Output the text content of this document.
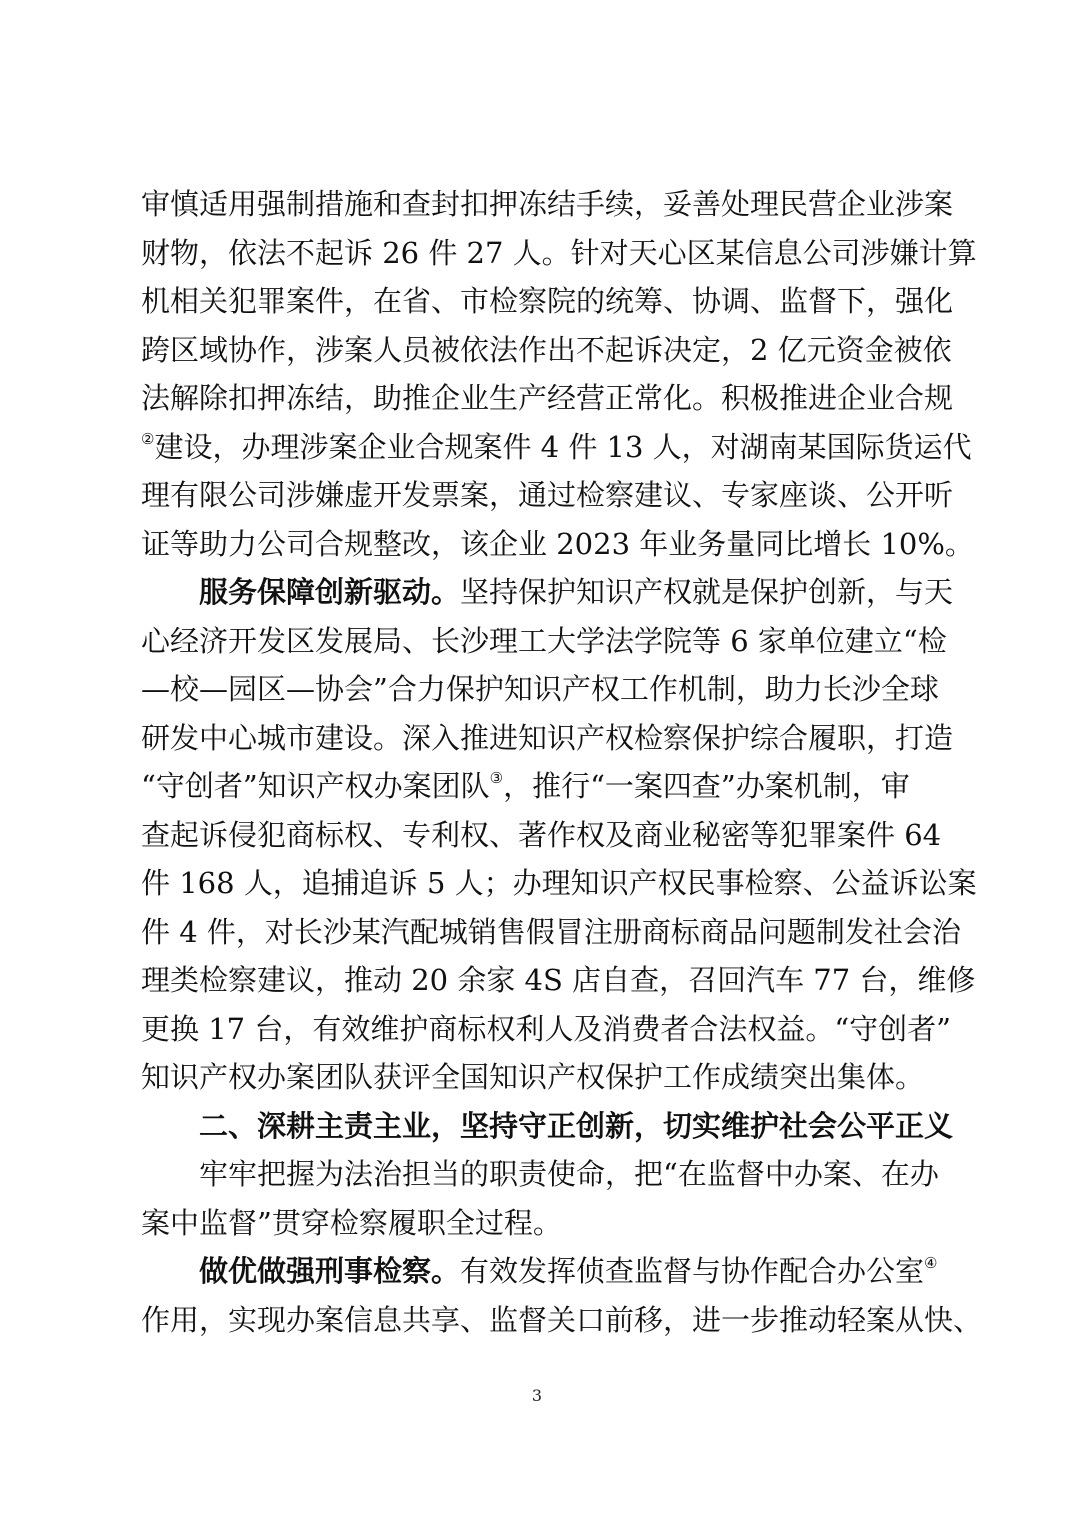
审慎适用强制措施和查封扣押冻结手续，妥善处理民营企业涉案
财物，依法不起诉 26 件 27 人。针对天心区某信息公司涉嫌计算
机相关犯罪案件，在省、市检察院的统筹、协调、监督下，强化
跨区域协作，涉案人员被依法作出不起诉决定，2 亿元资金被依
法解除扣押冻结，助推企业生产经营正常化。积极推进企业合规
②建设，办理涉案企业合规案件 4 件 13 人，对湖南某国际货运代
理有限公司涉嫌虚开发票案，通过检察建议、专家座谈、公开听
证等助力公司合规整改，该企业 2023 年业务量同比增长 10%。
服务保障创新驱动。坚持保护知识产权就是保护创新，与天
心经济开发区发展局、长沙理工大学法学院等 6 家单位建立“检
—校—园区—协会”合力保护知识产权工作机制，助力长沙全球
研发中心城市建设。深入推进知识产权检察保护综合履职，打造
“守创者”知识产权办案团队③，推行“一案四查”办案机制，审
查起诉侵犯商标权、专利权、著作权及商业秘密等犯罪案件 64
件 168 人，追捕追诉 5 人；办理知识产权民事检察、公益诉讼案
件 4 件，对长沙某汽配城销售假冒注册商标商品问题制发社会治
理类检察建议，推动 20 余家 4S 店自查，召回汽车 77 台，维修
更换 17 台，有效维护商标权利人及消费者合法权益。“守创者”
知识产权办案团队获评全国知识产权保护工作成绩突出集体。
二、深耕主责主业，坚持守正创新，切实维护社会公平正义
牢牢把握为法治担当的职责使命，把“在监督中办案、在办
案中监督”贯穿检察履职全过程。
做优做强刑事检察。有效发挥侦查监督与协作配合办公室④
作用，实现办案信息共享、监督关口前移，进一步推动轻案从快、
3
